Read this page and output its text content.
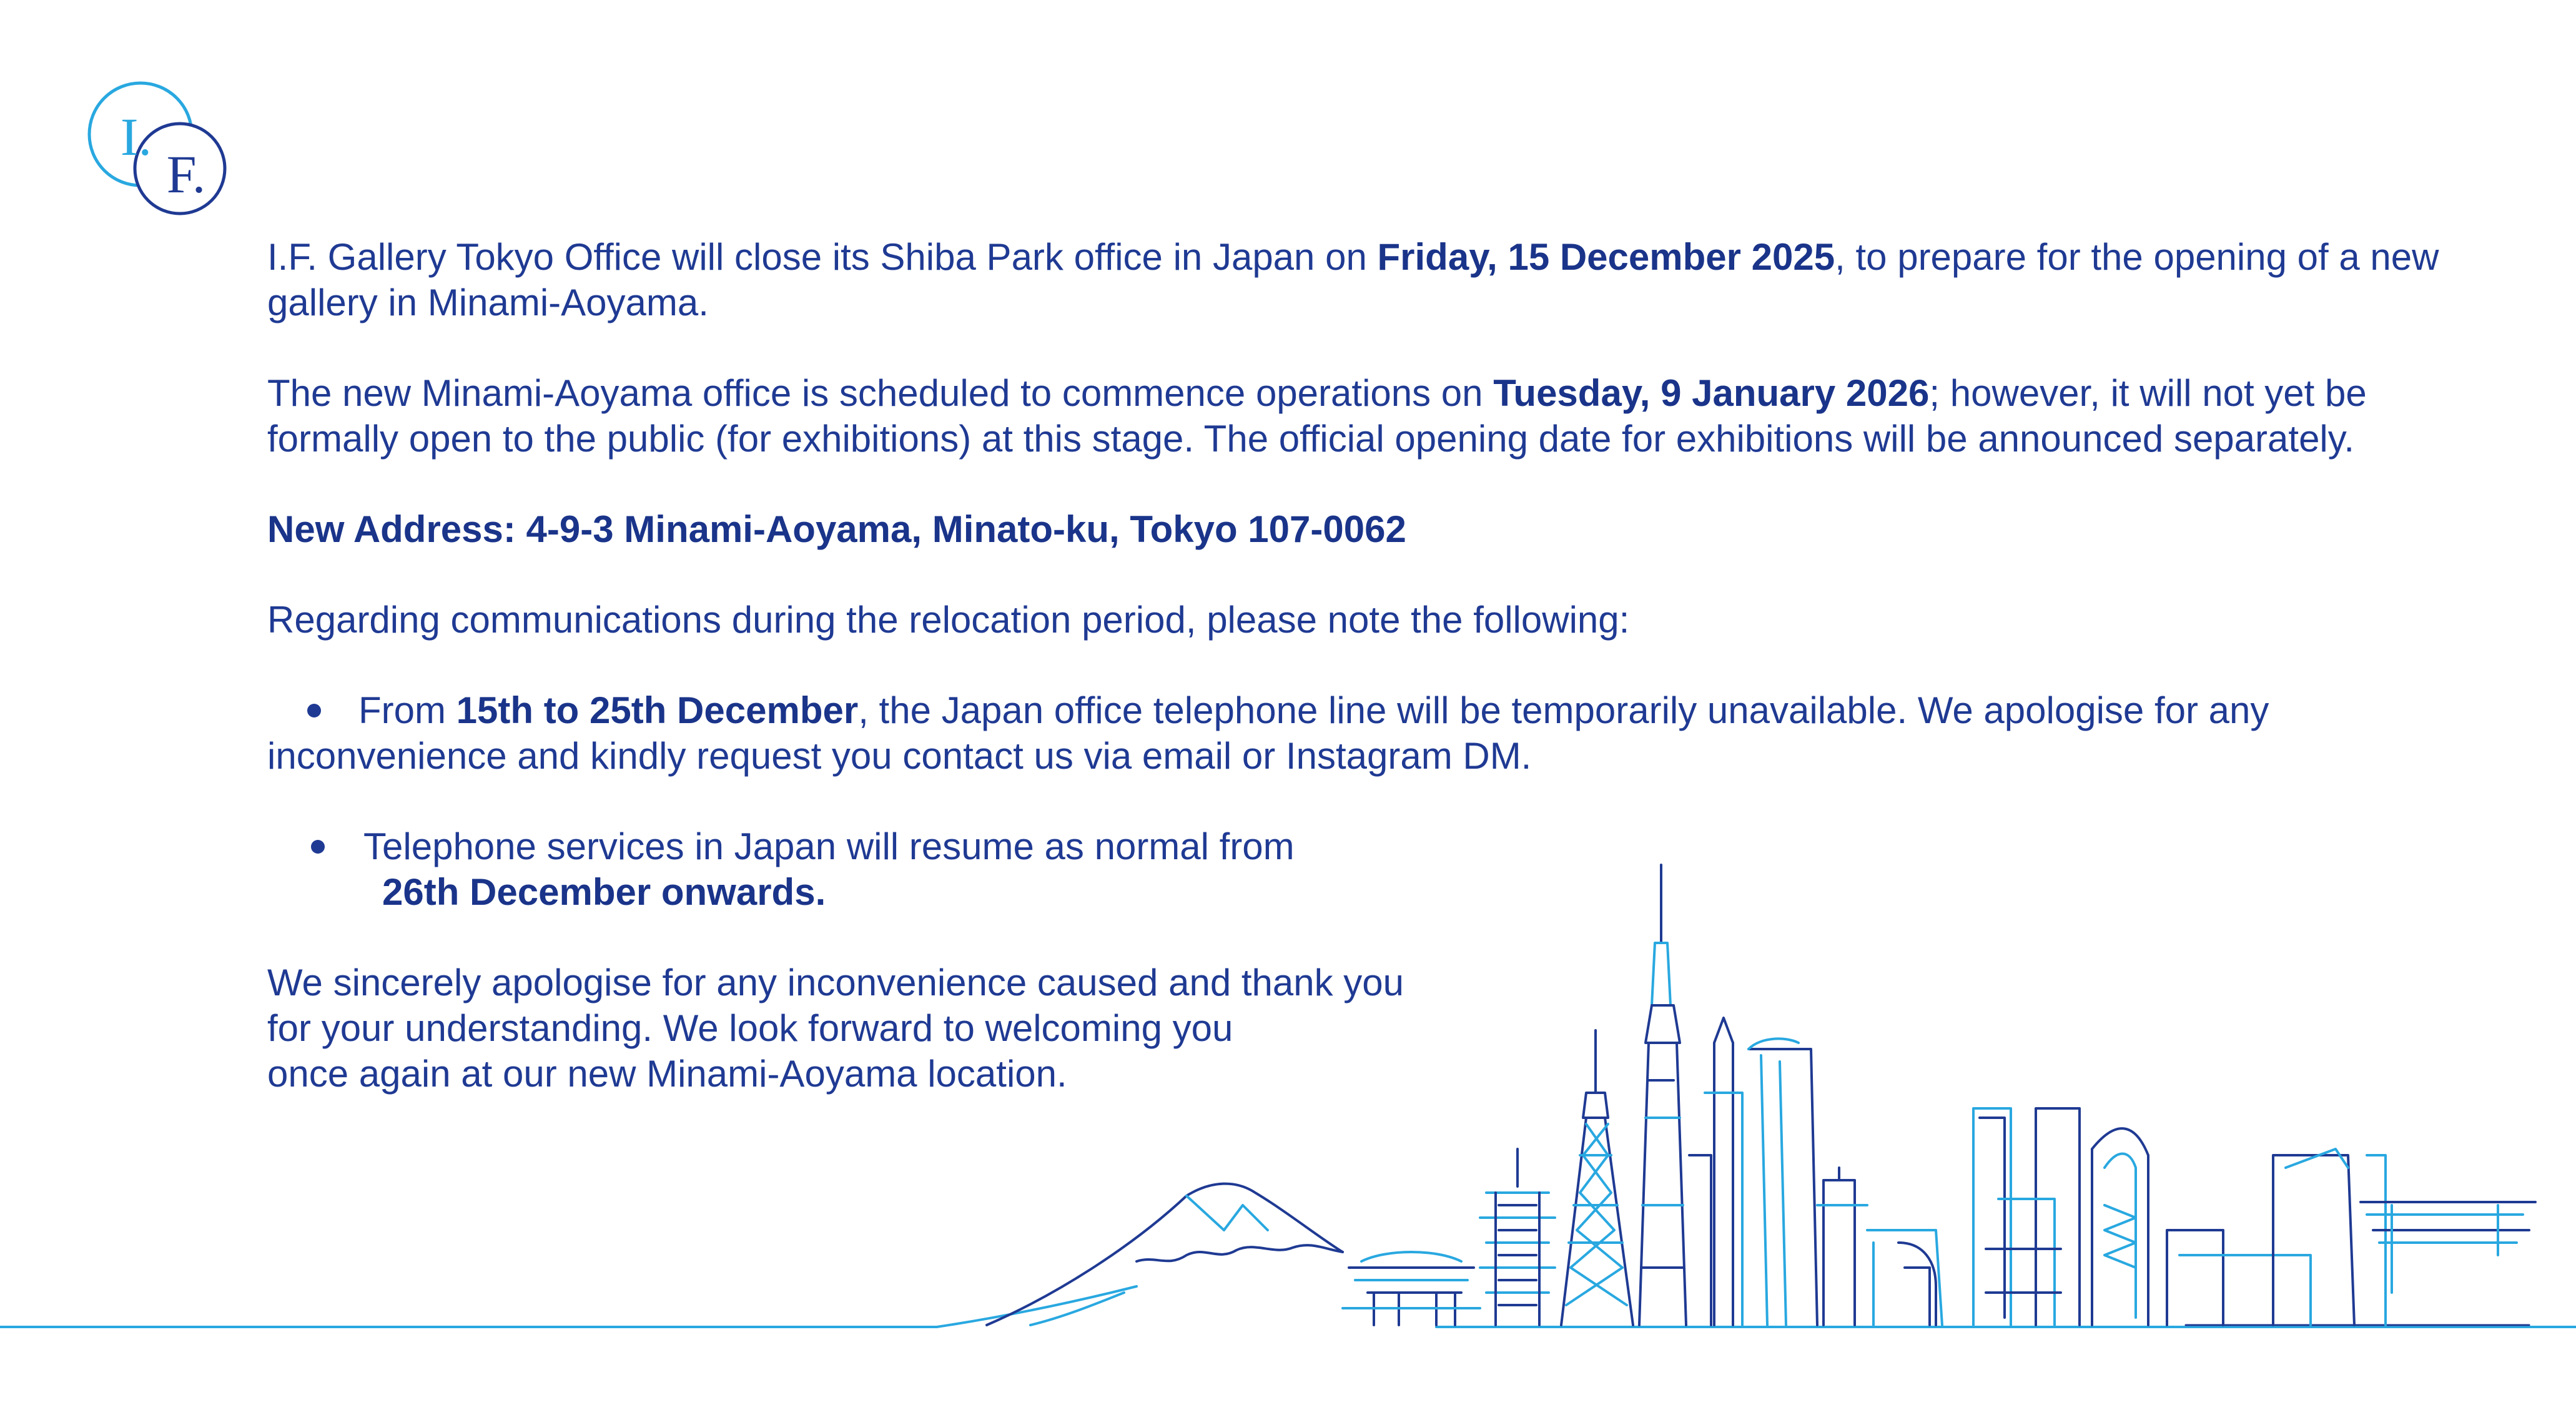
I.
F.

I.F. Gallery Tokyo Office will close its Shiba Park office in Japan on Friday, 15 December 2025, to prepare for the opening of a new gallery in Minami-Aoyama.

The new Minami-Aoyama office is scheduled to commence operations on Tuesday, 9 January 2026; however, it will not yet be formally open to the public (for exhibitions) at this stage. The official opening date for exhibitions will be announced separately.

New Address: 4-9-3 Minami-Aoyama, Minato-ku, Tokyo 107-0062

Regarding communications during the relocation period, please note the following:

From 15th to 25th December, the Japan office telephone line will be temporarily unavailable. We apologise for any inconvenience and kindly request you contact us via email or Instagram DM.

Telephone services in Japan will resume as normal from
26th December onwards.

We sincerely apologise for any inconvenience caused and thank you
for your understanding. We look forward to welcoming you
once again at our new Minami-Aoyama location.
